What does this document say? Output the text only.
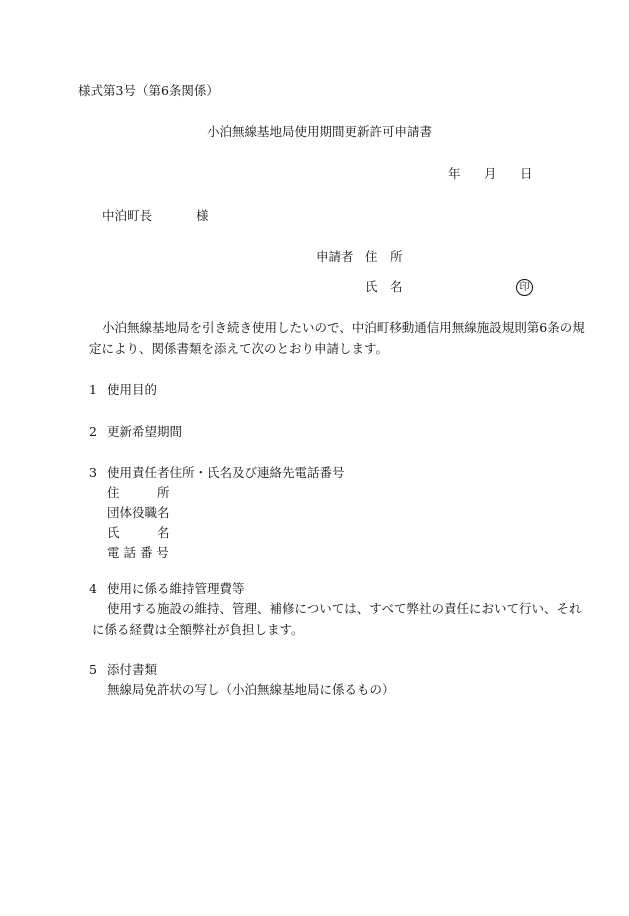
様式第3号（第6条関係）
小泊無線基地局使用期間更新許可申請書
年 月 日
中泊町長	様
申請者 住　所
氏　名	印
小泊無線基地局を引き続き使用したいので、中泊町移動通信用無線施設規則第6条の規
定により、関係書類を添えて次のとおり申請します。
1 使用目的
2 更新希望期間
3 使用責任者住所・氏名及び連絡先電話番号
住　　　所
団体役職名
氏　　　名
電 話 番 号
4 使用に係る維持管理費等
使用する施設の維持、管理、補修については、すべて弊社の責任において行い、それ
に係る経費は全額弊社が負担します。
5 添付書類
無線局免許状の写し（小泊無線基地局に係るもの）
